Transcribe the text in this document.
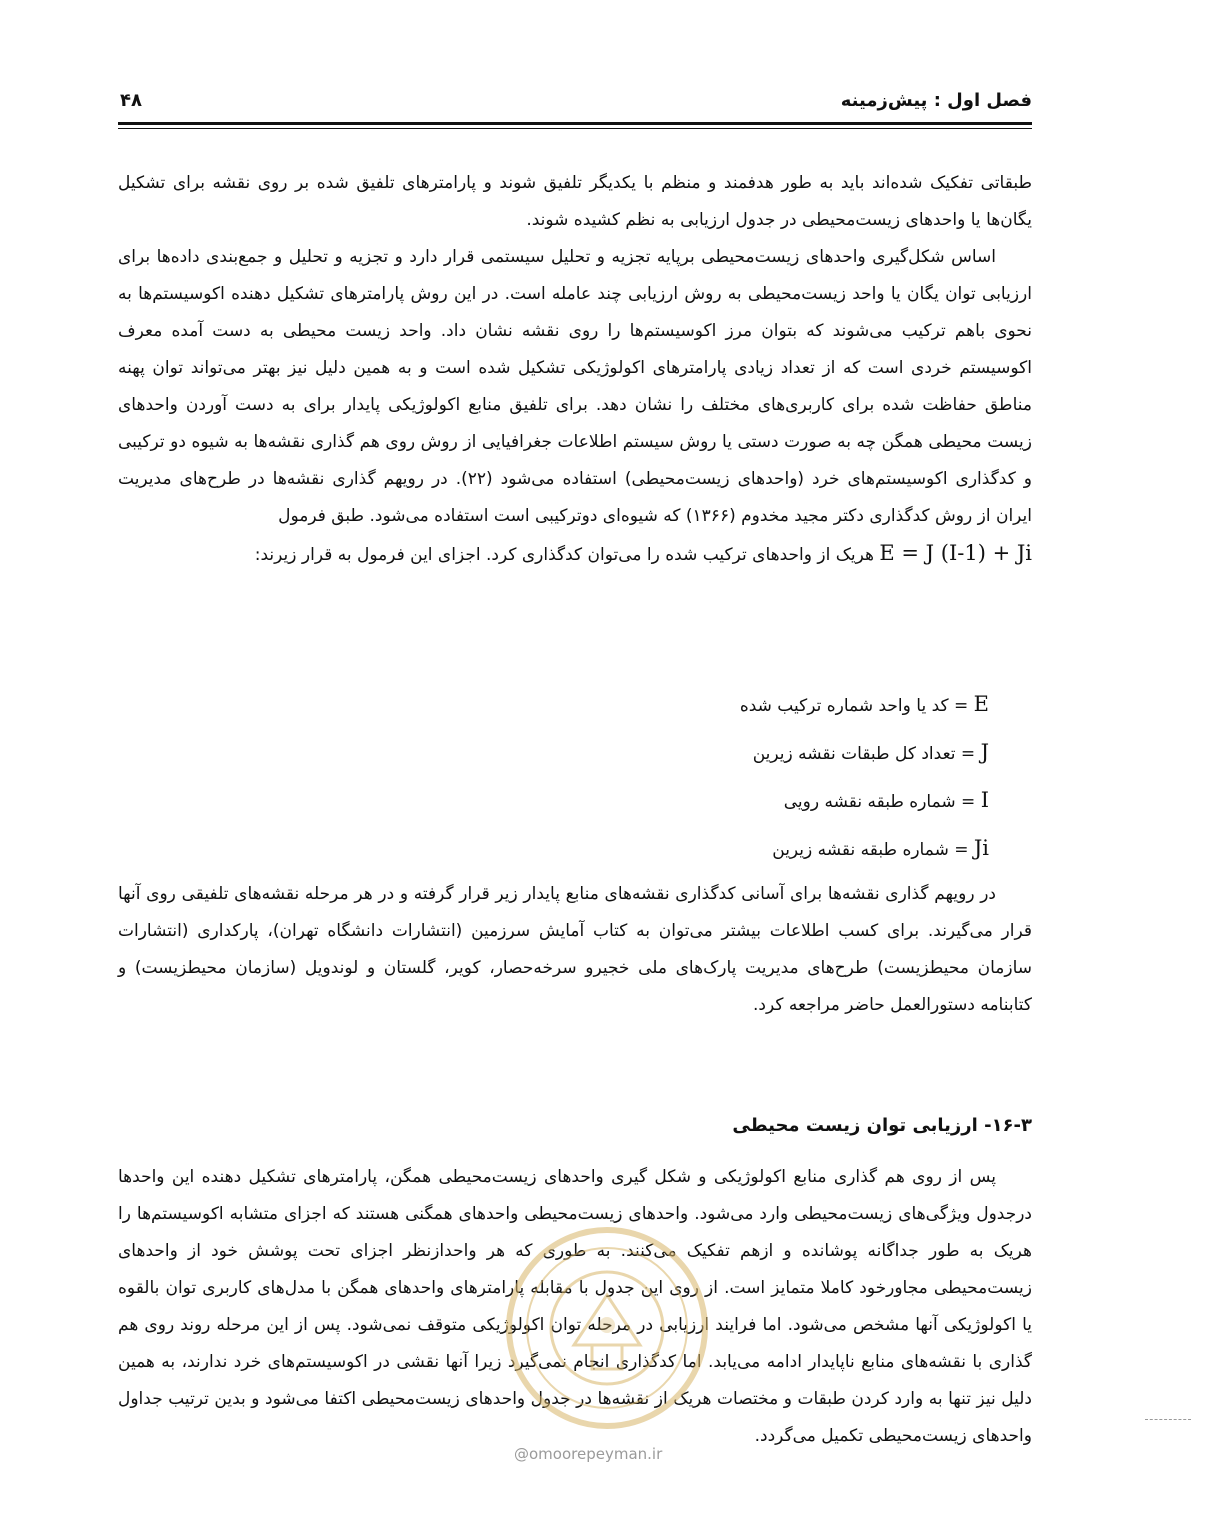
فصل اول : پیش‌زمینه
۴۸

طبقاتی تفکیک شده‌اند باید به طور هدفمند و منظم با یکدیگر تلفیق شوند و پارامترهای تلفیق شده بر روی نقشه برای تشکیل یگان‌ها یا واحدهای زیست‌محیطی در جدول ارزیابی به نظم کشیده شوند.

اساس شکل‌گیری واحدهای زیست‌محیطی برپایه تجزیه و تحلیل سیستمی قرار دارد و تجزیه و تحلیل و جمع‌بندی داده‌ها برای ارزیابی توان یگان یا واحد زیست‌محیطی به روش ارزیابی چند عامله است. در این روش پارامترهای تشکیل دهنده اکوسیستم‌ها به نحوی باهم ترکیب می‌شوند که بتوان مرز اکوسیستم‌ها را روی نقشه نشان داد. واحد زیست محیطی به دست آمده معرف اکوسیستم خردی است که از تعداد زیادی پارامترهای اکولوژیکی تشکیل شده است و به همین دلیل نیز بهتر می‌تواند توان پهنه مناطق حفاظت شده برای کاربری‌های مختلف را نشان دهد. برای تلفیق منابع اکولوژیکی پایدار برای به دست آوردن واحدهای زیست محیطی همگن چه به صورت دستی یا روش سیستم اطلاعات جغرافیایی از روش روی هم گذاری نقشه‌ها به شیوه دو ترکیبی و کدگذاری اکوسیستم‌های خرد (واحدهای زیست‌محیطی) استفاده می‌شود (۲۲). در رویهم گذاری نقشه‌ها در طرح‌های مدیریت ایران از روش کدگذاری دکتر مجید مخدوم (۱۳۶۶) که شیوه‌ای دوترکیبی است استفاده می‌شود. طبق فرمول

E = J (I-1) + Ji هریک از واحدهای ترکیب شده را می‌توان کدگذاری کرد. اجزای این فرمول به قرار زیرند:
E = کد یا واحد شماره ترکیب شده
J = تعداد کل طبقات نقشه زیرین
I = شماره طبقه نقشه رویی
Ji = شماره طبقه نقشه زیرین

در رویهم گذاری نقشه‌ها برای آسانی کدگذاری نقشه‌های منابع پایدار زیر قرار گرفته و در هر مرحله نقشه‌های تلفیقی روی آنها قرار می‌گیرند. برای کسب اطلاعات بیشتر می‌توان به کتاب آمایش سرزمین (انتشارات دانشگاه تهران)، پارکداری (انتشارات سازمان محیطزیست) طرح‌های مدیریت پارک‌های ملی خجیرو سرخه‌حصار، کویر، گلستان و لوندویل (سازمان محیطزیست) و کتابنامه دستورالعمل حاضر مراجعه کرد.

۱۶-۳- ارزیابی توان زیست محیطی

پس از روی هم گذاری منابع اکولوژیکی و شکل گیری واحدهای زیست‌محیطی همگن، پارامترهای تشکیل دهنده این واحدها درجدول ویژگی‌های زیست‌محیطی وارد می‌شود. واحدهای زیست‌محیطی واحدهای همگنی هستند که اجزای متشابه اکوسیستم‌ها را هریک به طور جداگانه پوشانده و ازهم تفکیک می‌کنند. به طوری که هر واحدازنظر اجزای تحت پوشش خود از واحدهای زیست‌محیطی مجاورخود کاملا متمایز است. از روی این جدول با مقابله پارامترهای واحدهای همگن با مدل‌های کاربری توان بالقوه یا اکولوژیکی آنها مشخص می‌شود. اما فرایند ارزیابی در مرحله توان اکولوژیکی متوقف نمی‌شود. پس از این مرحله روند روی هم گذاری با نقشه‌های منابع ناپایدار ادامه می‌یابد. اما کدگذاری انجام نمی‌گیرد زیرا آنها نقشی در اکوسیستم‌های خرد ندارند، به همین دلیل نیز تنها به وارد کردن طبقات و مختصات هریک از نقشه‌ها در جدول واحدهای زیست‌محیطی اکتفا می‌شود و بدین ترتیب جداول واحدهای زیست‌محیطی تکمیل می‌گردد.

@omoorepeyman.ir
